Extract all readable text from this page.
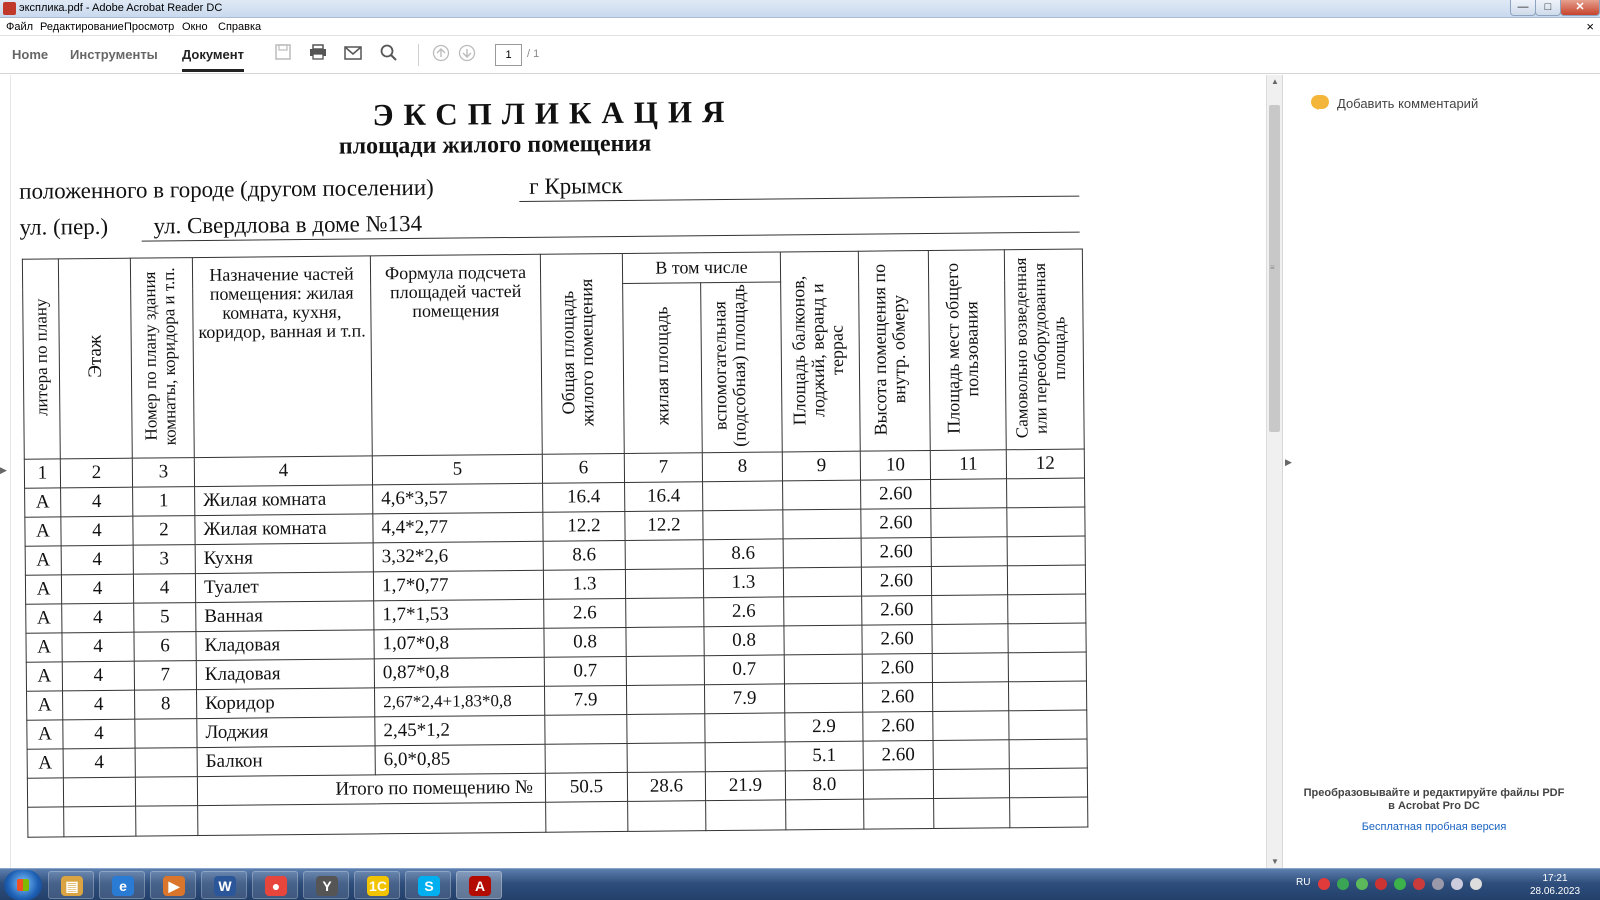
экспликa.pdf - Adobe Acrobat Reader DC	—	□	✕
Файл Редактирование Просмотр Окно Справка	×
Home Инструменты Документ	1	/ 1
▶
ЭКСПЛИКАЦИЯ
площади жилого помещения
положенного в городе (другом поселении)	г Крымск
ул. (пер.) ул. Свердлова в доме №134
литера по плану	Этаж	Номер по плану здания комнаты, коридора и т.п.	Назначение частей помещения: жилая комната, кухня, коридор, ванная и т.п.	Формула подсчета площадей частей помещения	Общая площадь жилого помещения	В том числе		Площадь балконов, лоджий, веранд и террас	Высота помещения по внутр. обмеру	Площадь мест общего пользования	Самовольно возведенная или переоборудованная площадь
						жилая площадь	вспомогательная (подсобная) площадь				
1	2	3	4	5	6	7	8	9	10	11	12
А	4	1	Жилая комната	4,6*3,57	16.4	16.4			2.60		
А	4	2	Жилая комната	4,4*2,77	12.2	12.2			2.60		
А	4	3	Кухня	3,32*2,6	8.6		8.6		2.60		
А	4	4	Туалет	1,7*0,77	1.3		1.3		2.60		
А	4	5	Ванная	1,7*1,53	2.6		2.6		2.60		
А	4	6	Кладовая	1,07*0,8	0.8		0.8		2.60		
А	4	7	Кладовая	0,87*0,8	0.7		0.7		2.60		
А	4	8	Коридор	2,67*2,4+1,83*0,8	7.9		7.9		2.60		
А	4		Лоджия	2,45*1,2				2.9	2.60		
А	4		Балкон	6,0*0,85				5.1	2.60		
			Итого по помещению №		50.5	28.6	21.9	8.0			

▲
≡
▼
▶
Добавить комментарий
Преобразовывайте и редактируйте файлы PDF в Acrobat Pro DC
Бесплатная пробная версия
▤	e	▶	W	●	Y	1С	S	A	RU	17:21
28.06.2023
